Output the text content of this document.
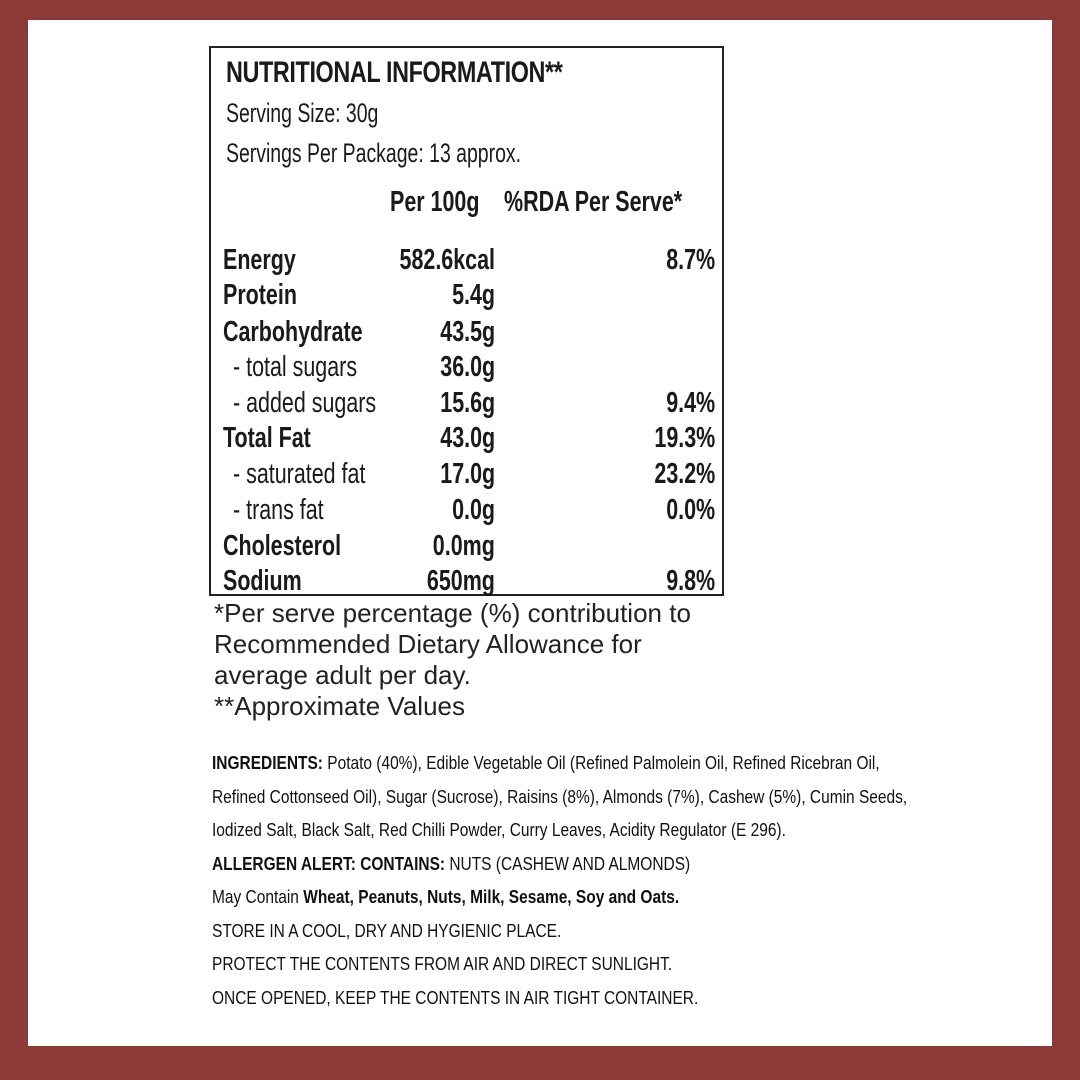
NUTRITIONAL INFORMATION**
Serving Size: 30g
Servings Per Package: 13 approx.
Per 100g %RDA Per Serve*
Energy	582.6kcal	8.7%
Protein	5.4g
Carbohydrate	43.5g
- total sugars	36.0g
- added sugars	15.6g	9.4%
Total Fat	43.0g	19.3%
- saturated fat	17.0g	23.2%
- trans fat	0.0g	0.0%
Cholesterol	0.0mg
Sodium	650mg	9.8%
*Per serve percentage (%) contribution to
Recommended Dietary Allowance for
average adult per day.
**Approximate Values
INGREDIENTS: Potato (40%), Edible Vegetable Oil (Refined Palmolein Oil, Refined Ricebran Oil,
Refined Cottonseed Oil), Sugar (Sucrose), Raisins (8%), Almonds (7%), Cashew (5%), Cumin Seeds,
Iodized Salt, Black Salt, Red Chilli Powder, Curry Leaves, Acidity Regulator (E 296).
ALLERGEN ALERT: CONTAINS: NUTS (CASHEW AND ALMONDS)
May Contain Wheat, Peanuts, Nuts, Milk, Sesame, Soy and Oats.
STORE IN A COOL, DRY AND HYGIENIC PLACE.
PROTECT THE CONTENTS FROM AIR AND DIRECT SUNLIGHT.
ONCE OPENED, KEEP THE CONTENTS IN AIR TIGHT CONTAINER.
